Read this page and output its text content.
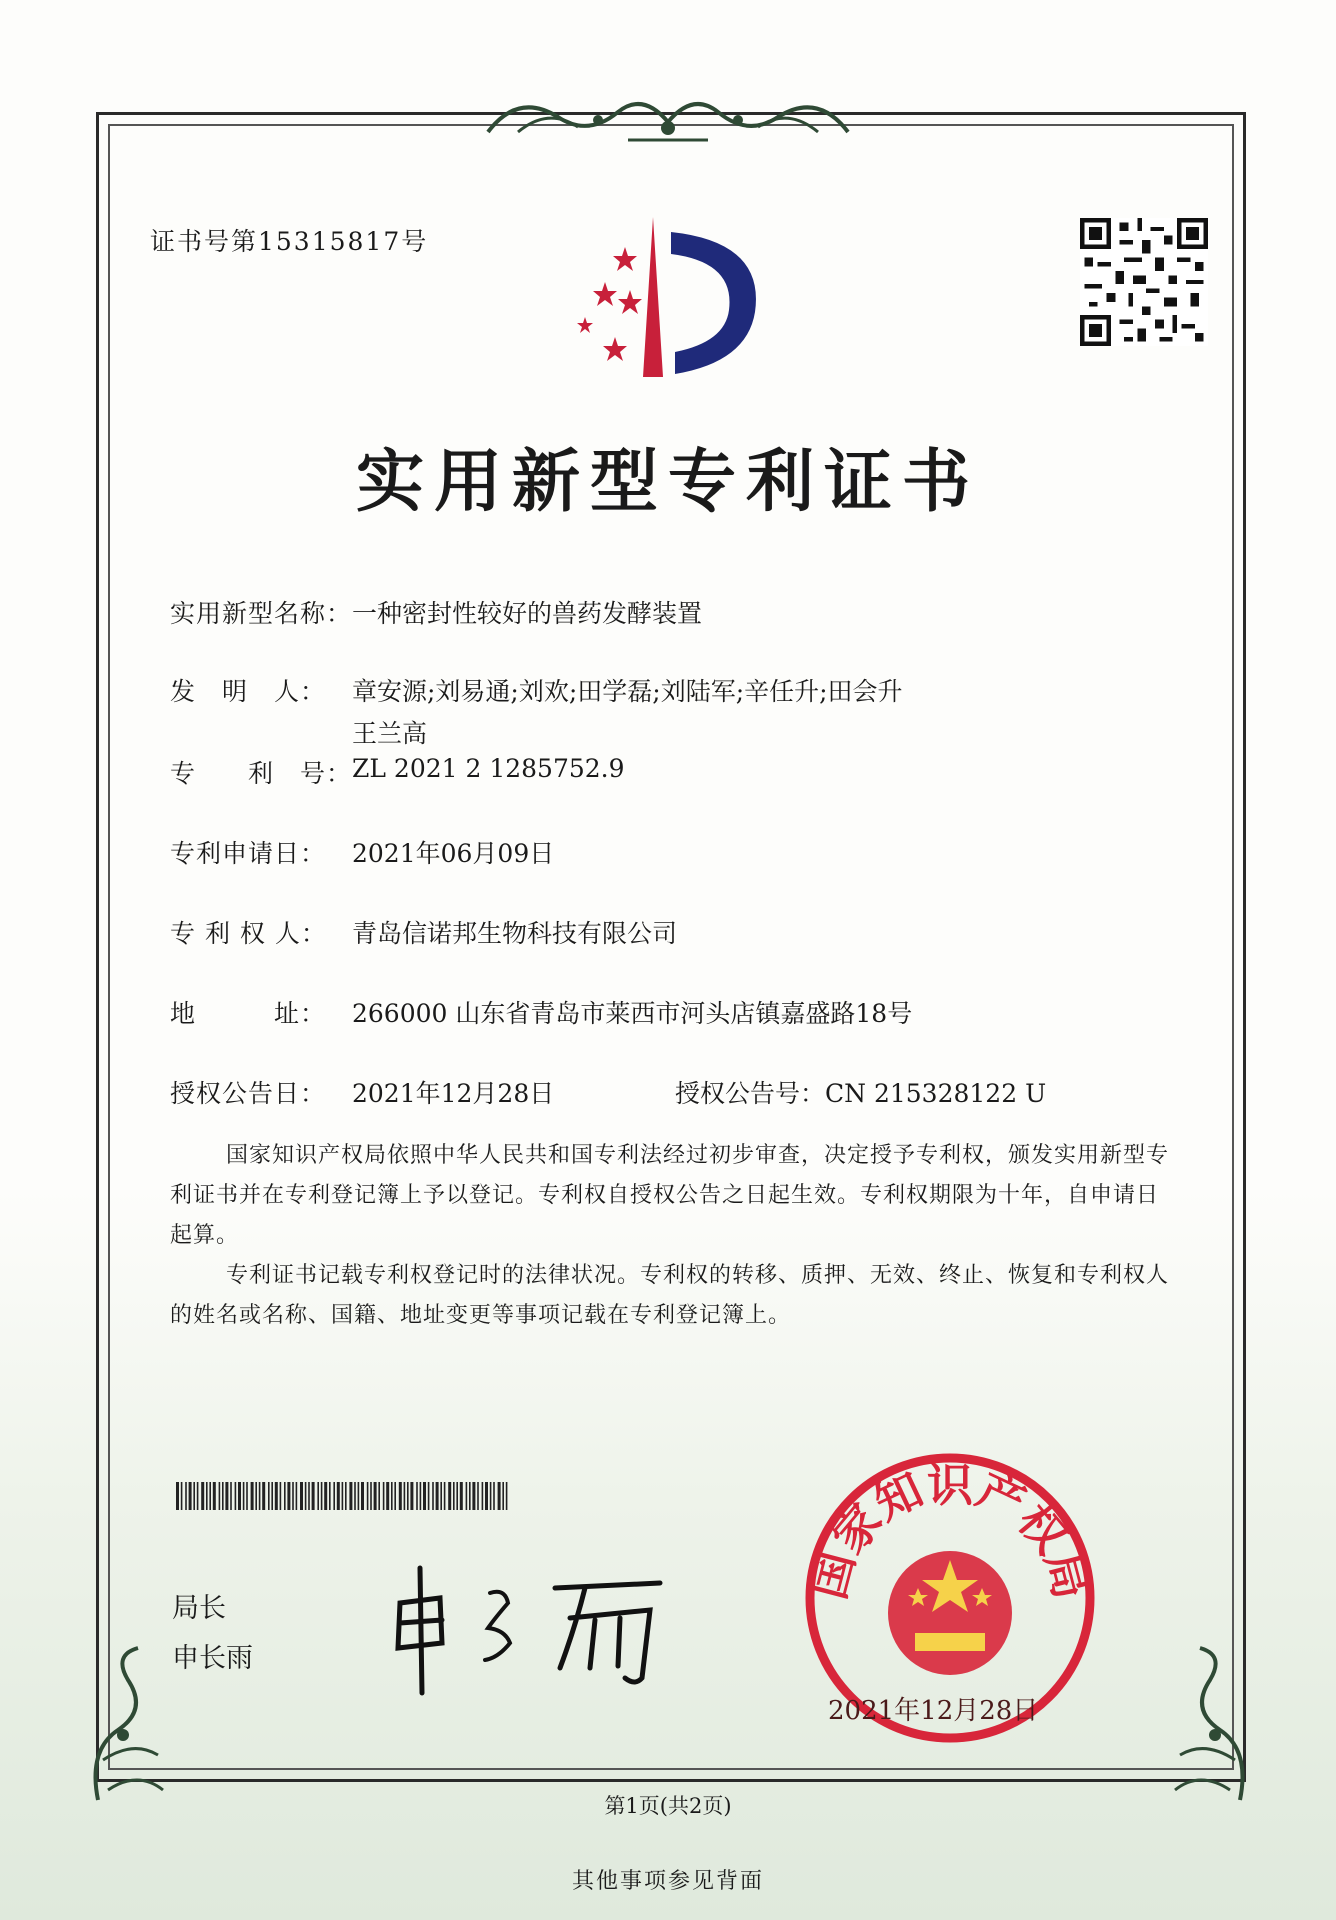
证书号第15315817号
实用新型专利证书
实用新型名称：一种密封性较好的兽药发酵装置
发　明　人： 章安源;刘易通;刘欢;田学磊;刘陆军;辛任升;田会升
王兰高
专　　利　号：ZL 2021 2 1285752.9
专利申请日： 2021年06月09日
专 利 权 人： 青岛信诺邦生物科技有限公司
地　　　址： 266000 山东省青岛市莱西市河头店镇嘉盛路18号
授权公告日： 2021年12月28日	授权公告号：CN 215328122 U

国家知识产权局依照中华人民共和国专利法经过初步审查，决定授予专利权，颁发实用新型专利证书并在专利登记簿上予以登记。专利权自授权公告之日起生效。专利权期限为十年，自申请日起算。

专利证书记载专利权登记时的法律状况。专利权的转移、质押、无效、终止、恢复和专利权人的姓名或名称、国籍、地址变更等事项记载在专利登记簿上。

局长
申长雨
国家知识产权局
2021年12月28日
第1页(共2页)
其他事项参见背面
